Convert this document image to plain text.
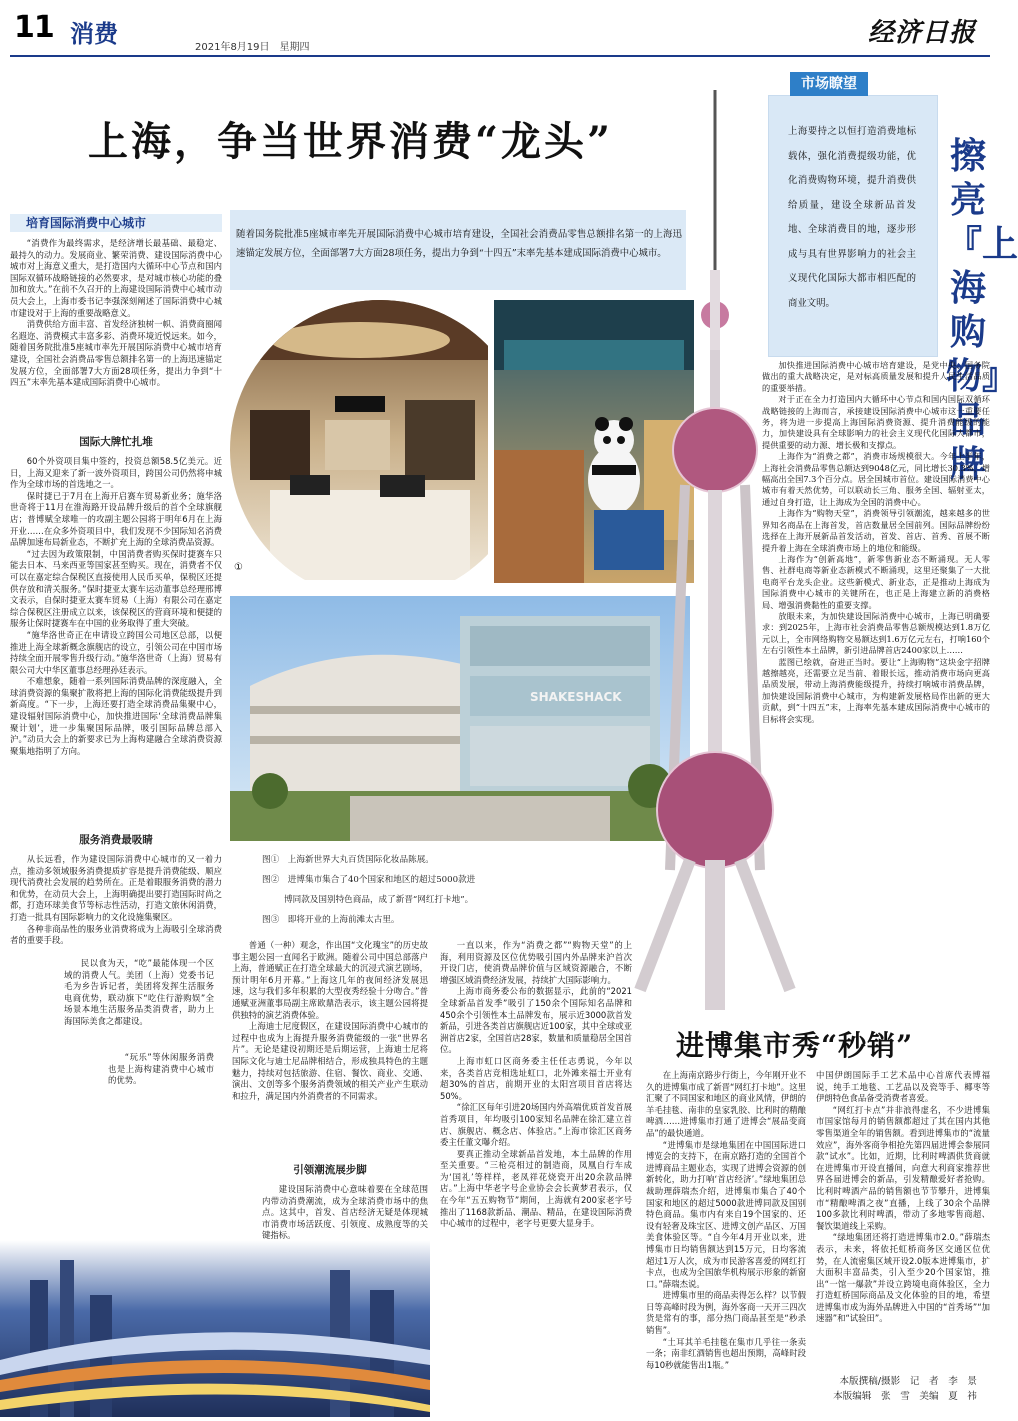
11 消费	2021年8月19日　星期四	经济日报
上海，争当世界消费“龙头”
市场瞭望
上海要持之以恒打造消费地标载体，强化消费提级功能，优化消费购物环境，提升消费供给质量，建设全球新品首发地、全球消费目的地，逐步形成与具有世界影响力的社会主义现代化国际大都市相匹配的商业文明。
擦亮『上海购物』品牌
随着国务院批准5座城市率先开展国际消费中心城市培育建设，全国社会消费品零售总额排名第一的上海迅速锚定发展方位，全面部署7大方面28项任务，提出力争到“十四五”末率先基本建成国际消费中心城市。
培育国际消费中心城市

“消费作为最终需求，是经济增长最基础、最稳定、最持久的动力。发展商业、繁荣消费、建设国际消费中心城市对上海意义重大，是打造国内大循环中心节点和国内国际双循环战略链接的必然要求，是对城市核心功能的叠加和放大。”在前不久召开的上海建设国际消费中心城市动员大会上，上海市委书记李强深刻阐述了国际消费中心城市建设对于上海的重要战略意义。

消费供给方面丰富、首发经济独树一帜、消费商圈闻名遐迩、消费模式丰富多彩、消费环境近悦远来。如今，随着国务院批准5座城市率先开展国际消费中心城市培育建设，全国社会消费品零售总额排名第一的上海迅速锚定发展方位，全面部署7大方面28项任务，提出力争到“十四五”末率先基本建成国际消费中心城市。

国际大牌忙扎堆

60个外资项目集中签约，投资总额58.5亿美元。近日，上海又迎来了新一波外资项目，跨国公司仍然将申城作为全球市场的首选地之一。

保时捷已于7月在上海开启赛车贸易新业务；施华洛世奇将于11月在淮海路开设品牌升级后的首个全球旗舰店；普博赋全球唯一的攻副主题公园将于明年6月在上海开业……在众多外资项目中，我们发现不少国际知名消费品牌加速布局新业态，不断扩充上海的全球消费品资源。

“过去因为政策限制，中国消费者购买保时捷赛车只能去日本、马来西亚等国家甚至购买。现在，消费者不仅可以在嘉定综合保税区直接使用人民币买单，保税区还提供存放和清关服务。”保时捷亚太赛车运动董事总经理邢博文表示，自保时捷亚太赛车贸易（上海）有限公司在嘉定综合保税区注册成立以来，该保税区的营商环境和便捷的服务让保时捷赛车在中国的业务取得了重大突破。

“施华洛世奇正在申请设立跨国公司地区总部，以便推进上海全球新概念旗舰店的设立，引领公司在中国市场持续全面开展零售升级行动。”施华洛世奇（上海）贸易有限公司大中华区董事总经理孙廷表示。

不难想象，随着一系列国际消费品牌的深度融入，全球消费资源的集聚扩散将把上海的国际化消费能级提升到新高度。“下一步，上海还要打造全球消费品集聚中心，建设辐射国际消费中心，加快推进国际‘全球消费品牌集聚计划’，进一步集聚国际品牌，吸引国际品牌总部入沪。”动员大会上的新要求已为上海构建融合全球消费资源聚集地指明了方向。

服务消费最吸睛

从长远看，作为建设国际消费中心城市的又一着力点，推动多领域服务消费提质扩容是提升消费能级、顺应现代消费社会发展的趋势所在。正是着眼服务消费的潜力和优势，在动员大会上，上海明确提出要打造国际时尚之都，打造环球美食节等标志性活动，打造文旅休闲消费，打造一批具有国际影响力的文化设施集聚区。

各种非商品性的服务业消费将成为上海吸引全球消费者的重要手段。

民以食为天，“吃”最能体现一个区域的消费人气。美团（上海）党委书记毛为乡告诉记者，美团将发挥生活服务电商优势，联动旗下“吃住行游购娱”全场景本地生活服务品类消费者，助力上海国际美食之都建设。

“玩乐”等休闲服务消费也是上海构建消费中心城市的优势。

①
SHAKESHACK

图①　上海新世界大丸百货国际化妆品陈展。

图②　进博集市集合了40个国家和地区的超过5000款进

博同款及国别特色商品，成了新晋“网红打卡地”。

图③　即将开业的上海前滩太古里。

普通（一种）观念，作出国“文化瑰宝”的历史故事主题公园一直闻名于欧洲。随着公司中国总部落户上海，普通赋正在打造全球最大的沉浸式演艺剧场，预计明年6月开幕。”上海这几年的夜间经济发展迅速，这与我们多年积累的大型夜秀经验十分吻合。”普通赋亚洲董事局副主席欧鼎浩表示，该主题公园将提供独特的演艺消费体验。

上海迪士尼度假区，在建设国际消费中心城市的过程中也成为上海提升服务消费能级的一张“世界名片”。无论是建设初期还是后期运营，上海迪士尼将国际文化与迪士尼品牌相结合，形成独具特色的主题魅力，持续对包括旅游、住宿、餐饮、商业、交通、演出、文创等多个服务消费领域的相关产业产生联动和拉升，满足国内外消费者的不同需求。

引领潮流展步脚

建设国际消费中心意味着要在全球范围内带动消费潮流，成为全球消费市场中的焦点。这其中，首发、首店经济无疑是体现城市消费市场活跃度、引领度、成熟度等的关键指标。

一直以来，作为“消费之都”“购物天堂”的上海，利用资源及区位优势吸引国内外品牌来沪首次开设门店，使消费品牌价值与区域资源融合，不断增强区域消费经济发展，持续扩大国际影响力。

上海市商务委公布的数据显示，此前的“2021全球新品首发季”吸引了150余个国际知名品牌和450余个引领性本土品牌发布，展示近3000款首发新品，引进各类首店旗舰店近100家，其中全球或亚洲首店2家，全国首店28家，数量和质量稳居全国首位。

上海市虹口区商务委主任任志勇说，今年以来，各类首店竞相选址虹口，北外滩来福士开业有超30%的首店，前期开业的太阳宫项目首店将达50%。

“徐汇区每年引进20场国内外高端优质首发首展首秀项目，年均吸引100家知名品牌在徐汇建立首店、旗舰店、概念店、体验店。”上海市徐汇区商务委主任董文曝介绍。

要真正推动全球新品首发地，本土品牌的作用至关重要。“三枪亮相过的制造商，凤凰自行车成为‘国礼’等样样，老凤祥花烧瓷开出20余款品牌店。”上海中华老字号企业协会会长黄梦君表示，仅在今年“五五购物节”期间，上海就有200家老字号推出了1168款新品、潮品、精品，在建设国际消费中心城市的过程中，老字号更要大显身手。

加快推进国际消费中心城市培育建设，是党中央、国务院做出的重大战略决定，是对标高质量发展和提升人民生活品质的重要举措。

对于正在全力打造国内大循环中心节点和国内国际双循环战略链接的上海而言，承接建设国际消费中心城市这一重要任务，将为进一步提高上海国际消费资源、提升消费能级的能力，加快建设具有全球影响力的社会主义现代化国际大都市，提供重要的动力源、增长极和支撑点。

上海作为“消费之都”，消费市场规模很大。今年上半年，上海社会消费品零售总额达到9048亿元，同比增长30.3%，增幅高出全国7.3个百分点。居全国城市首位。建设国际消费中心城市有着天然优势，可以联动长三角、服务全国、辐射亚太，通过自身打造，让上海成为全国的消费中心。

上海作为“购物天堂”，消费领导引领潮流，越来越多的世界知名商品在上海首发，首店数量居全国前列。国际品牌纷纷选择在上海开展新品首发活动，首发、首店、首秀、首展不断提升着上海在全球消费市场上的地位和能级。

上海作为“创新高地”，新零售新业态不断涌现。无人零售、社群电商等新业态新模式不断涌现，这里还聚集了一大批电商平台龙头企业。这些新模式、新业态，正是推动上海成为国际消费中心城市的关键所在，也正是上海建立新的消费格局、增强消费黏性的重要支撑。

放眼未来，为加快建设国际消费中心城市，上海已明确要求：到2025年，上海市社会消费品零售总额规模达到1.8万亿元以上，全市网络购物交易额达到1.6万亿元左右，打响160个左右引领性本土品牌，新引进品牌首店2400家以上……

蓝图已绘就，奋进正当时。要让“上海购物”这块金字招牌越擦越亮，还需要立足当前、着眼长远，推动消费市场向更高品质发展，带动上海消费能级提升，持续打响城市消费品牌，加快建设国际消费中心城市，为构建新发展格局作出新的更大贡献，到“十四五”末，上海率先基本建成国际消费中心城市的目标将会实现。

进博集市秀“秒销”

在上海南京路步行街上，今年刚开业不久的进博集市成了新晋“网红打卡地”。这里汇聚了不同国家和地区的商业风情，伊朗的羊毛挂毯、南非的皇家乳胶、比利时的精酿啤酒……进博集市打通了进博会“展品变商品”的最快通道。

“进博集市是绿地集团在中国国际进口博览会的支持下，在南京路打造的全国首个进博商品主题业态，实现了进博会资源的创新转化，助力打响‘首店经济’。”绿地集团总裁助理薛瑞杰介绍，进博集市集合了40个国家和地区的超过5000款进博同款及国别特色商品。集市内有来自19个国家的、还设有轻奢及珠宝区、进博文创产品区、万国美食体验区等。“自今年4月开业以来，进博集市日均销售额达到15万元，日均客流超过1万人次，成为市民游客喜爱的网红打卡点，也成为全国旅华机构展示形象的新窗口。”薛瑞杰说。

进博集市里的商品卖得怎么样？以节假日等高峰时段为例，海外客商一天开三四次货是常有的事，部分热门商品甚至是“秒杀销售”。

“土耳其羊毛挂毯在集市几乎往一条卖一条；南非红酒销售也超出预期，高峰时段每10秒就能售出1瓶。”

中国伊朗国际手工艺术品中心首席代表博福说，纯手工地毯、工艺品以及瓷等手、椰枣等伊朗特色食品备受消费者喜爱。

“网红打卡点”并非浪得虚名，不少进博集市国家馆每月的销售额都超过了其在国内其他零售渠道全年的销售额。看到进博集市的“流量效应”，海外客商争相抢先第四届进博会参展同款“试水”。比如，近期，比利时啤酒供货商就在进博集市开设直播间，向意大利商家推荐世界各届进博会的新品，引发精酿爱好者抢购。比利时啤酒产品的销售额也节节攀升，进博集市“精酿啤酒之夜”直播，上线了30余个品牌100多款比利时啤酒，带动了多地零售商超、餐饮渠道线上采购。

“绿地集团还将打造进博集市2.0。”薛瑞杰表示，未来，将依托虹桥商务区交通区位优势，在人流密集区域开设2.0版本进博集市，扩大面积丰富品类，引入至少20个国家馆，推出“一馆一爆款”并设立跨境电商体验区，全力打造虹桥国际商品及文化体验的目的地，希望进博集市成为海外品牌进入中国的“首秀场”“加速器”和“试验田”。

本版撰稿/摄影　记　者　李　景

本版编辑　张　雪　美编　夏　祎
